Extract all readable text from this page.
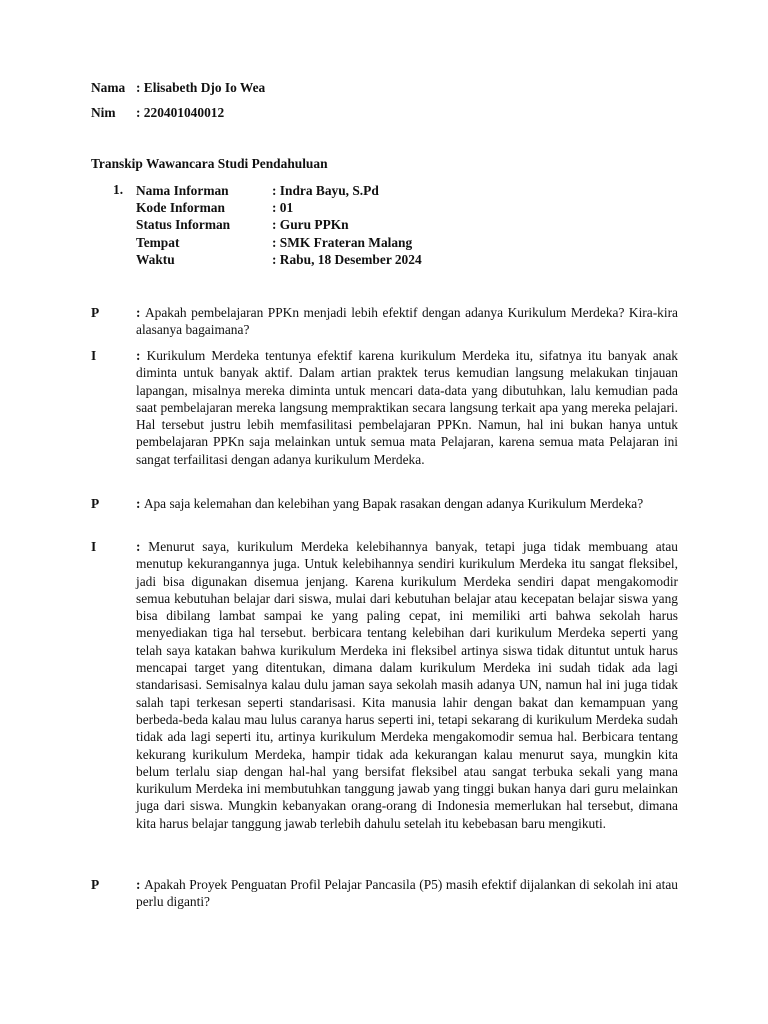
Nama : Elisabeth Djo Io Wea
Nim : 220401040012
Transkip Wawancara Studi Pendahuluan
1. Nama Informan	: Indra Bayu, S.Pd
Kode Informan	: 01
Status Informan	: Guru PPKn
Tempat	: SMK Frateran Malang
Waktu	: Rabu, 18 Desember 2024
P	: Apakah pembelajaran PPKn menjadi lebih efektif dengan adanya Kurikulum Merdeka? Kira-kira alasanya bagaimana?
I	: Kurikulum Merdeka tentunya efektif karena kurikulum Merdeka itu, sifatnya itu banyak anak diminta untuk banyak aktif. Dalam artian praktek terus kemudian langsung melakukan tinjauan lapangan, misalnya mereka diminta untuk mencari data-data yang dibutuhkan, lalu kemudian pada saat pembelajaran mereka langsung mempraktikan secara langsung terkait apa yang mereka pelajari. Hal tersebut justru lebih memfasilitasi pembelajaran PPKn. Namun, hal ini bukan hanya untuk pembelajaran PPKn saja melainkan untuk semua mata Pelajaran, karena semua mata Pelajaran ini sangat terfailitasi dengan adanya kurikulum Merdeka.
P	: Apa saja kelemahan dan kelebihan yang Bapak rasakan dengan adanya Kurikulum Merdeka?
I	: Menurut saya, kurikulum Merdeka kelebihannya banyak, tetapi juga tidak membuang atau menutup kekurangannya juga. Untuk kelebihannya sendiri kurikulum Merdeka itu sangat fleksibel, jadi bisa digunakan disemua jenjang. Karena kurikulum Merdeka sendiri dapat mengakomodir semua kebutuhan belajar dari siswa, mulai dari kebutuhan belajar atau kecepatan belajar siswa yang bisa dibilang lambat sampai ke yang paling cepat, ini memiliki arti bahwa sekolah harus menyediakan tiga hal tersebut. berbicara tentang kelebihan dari kurikulum Merdeka seperti yang telah saya katakan bahwa kurikulum Merdeka ini fleksibel artinya siswa tidak dituntut untuk harus mencapai target yang ditentukan, dimana dalam kurikulum Merdeka ini sudah tidak ada lagi standarisasi. Semisalnya kalau dulu jaman saya sekolah masih adanya UN, namun hal ini juga tidak salah tapi terkesan seperti standarisasi. Kita manusia lahir dengan bakat dan kemampuan yang berbeda-beda kalau mau lulus caranya harus seperti ini, tetapi sekarang di kurikulum Merdeka sudah tidak ada lagi seperti itu, artinya kurikulum Merdeka mengakomodir semua hal. Berbicara tentang kekurang kurikulum Merdeka, hampir tidak ada kekurangan kalau menurut saya, mungkin kita belum terlalu siap dengan hal-hal yang bersifat fleksibel atau sangat terbuka sekali yang mana kurikulum Merdeka ini membutuhkan tanggung jawab yang tinggi bukan hanya dari guru melainkan juga dari siswa. Mungkin kebanyakan orang-orang di Indonesia memerlukan hal tersebut, dimana kita harus belajar tanggung jawab terlebih dahulu setelah itu kebebasan baru mengikuti.
P	: Apakah Proyek Penguatan Profil Pelajar Pancasila (P5) masih efektif dijalankan di sekolah ini atau perlu diganti?
